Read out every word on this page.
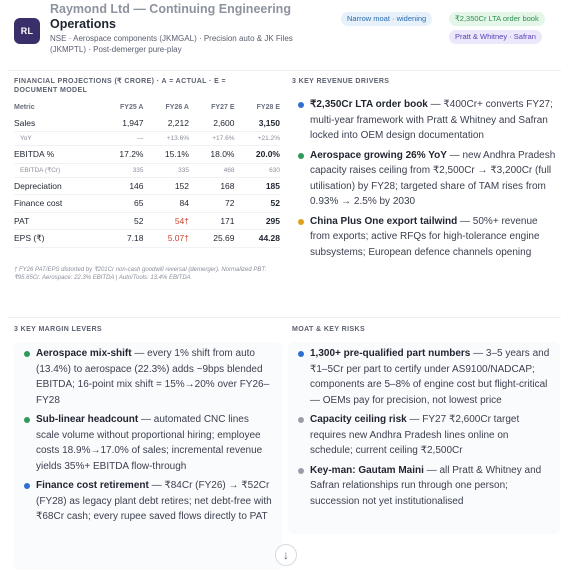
RL
Raymond Ltd — Continuing Engineering
Operations
NSE · Aerospace components (JKMGAL) · Precision auto & JK Files
(JKMPTL) · Post-demerger pure-play
Narrow moat · widening	₹2,350Cr LTA order book
Pratt & Whitney · Safran
FINANCIAL PROJECTIONS (₹ CRORE) · A = ACTUAL · E =
DOCUMENT MODEL
Metric	FY25 A	FY26 A	FY27 E	FY28 E
Sales	1,947	2,212	2,600	3,150
YoY	—	+13.6%	+17.6%	+21.2%
EBITDA %	17.2%	15.1%	18.0%	20.0%
EBITDA (₹Cr)	335	335	468	630
Depreciation	146	152	168	185
Finance cost	65	84	72	52
PAT	52	54†	171	295
EPS (₹)	7.18	5.07†	25.69	44.28
† FY26 PAT/EPS distorted by ₹201Cr non-cash goodwill reversal (demerger). Normalized PBT: ₹95.65Cr. Aerospace: 22.3% EBITDA | Auto/Tools: 13.4% EBITDA
3 KEY REVENUE DRIVERS
₹2,350Cr LTA order book — ₹400Cr+ converts FY27; multi-year framework with Pratt & Whitney and Safran locked into OEM design documentation
Aerospace growing 26% YoY — new Andhra Pradesh capacity raises ceiling from ₹2,500Cr → ₹3,200Cr (full utilisation) by FY28; targeted share of TAM rises from 0.93% → 2.5% by 2030
China Plus One export tailwind — 50%+ revenue from exports; active RFQs for high-tolerance engine subsystems; European defence channels opening
3 KEY MARGIN LEVERS
Aerospace mix-shift — every 1% shift from auto (13.4%) to aerospace (22.3%) adds ~9bps blended EBITDA; 16-point mix shift = 15%→20% over FY26–FY28
Sub-linear headcount — automated CNC lines scale volume without proportional hiring; employee costs 18.9%→17.0% of sales; incremental revenue yields 35%+ EBITDA flow-through
Finance cost retirement — ₹84Cr (FY26) → ₹52Cr (FY28) as legacy plant debt retires; net debt-free with ₹68Cr cash; every rupee saved flows directly to PAT
MOAT & KEY RISKS
1,300+ pre-qualified part numbers — 3–5 years and ₹1–5Cr per part to certify under AS9100/NADCAP; components are 5–8% of engine cost but flight-critical — OEMs pay for precision, not lowest price
Capacity ceiling risk — FY27 ₹2,600Cr target requires new Andhra Pradesh lines online on schedule; current ceiling ₹2,500Cr
Key-man: Gautam Maini — all Pratt & Whitney and Safran relationships run through one person; succession not yet institutionalised
↓
